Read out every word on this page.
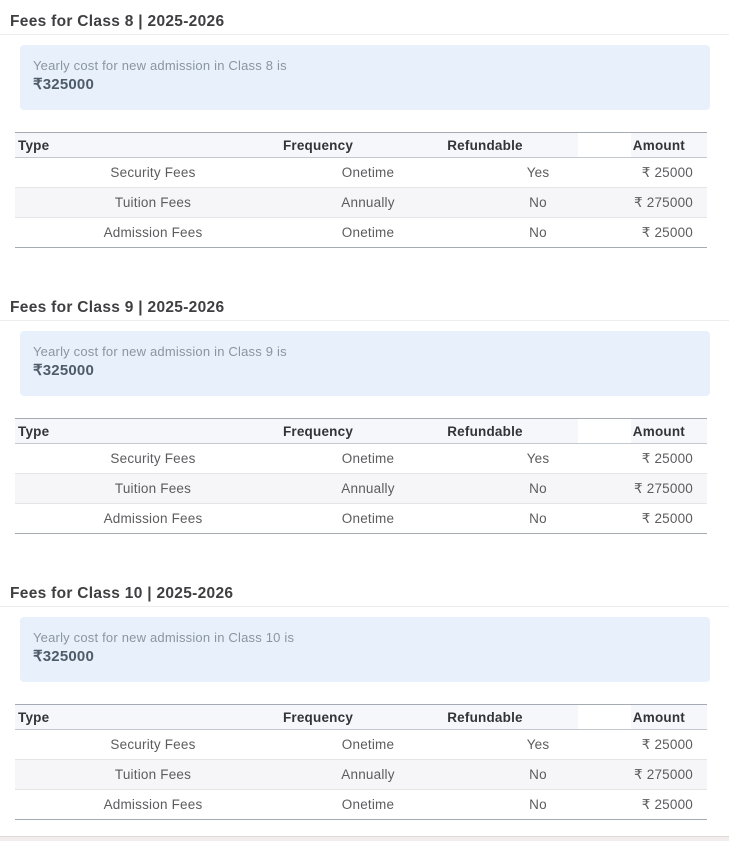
Fees for Class 8 | 2025-2026
Yearly cost for new admission in Class 8 is
₹325000
Type	Frequency	Refundable	Amount
Security Fees	Onetime	Yes	₹ 25000
Tuition Fees	Annually	No	₹ 275000
Admission Fees	Onetime	No	₹ 25000
Fees for Class 9 | 2025-2026
Yearly cost for new admission in Class 9 is
₹325000
Type	Frequency	Refundable	Amount
Security Fees	Onetime	Yes	₹ 25000
Tuition Fees	Annually	No	₹ 275000
Admission Fees	Onetime	No	₹ 25000
Fees for Class 10 | 2025-2026
Yearly cost for new admission in Class 10 is
₹325000
Type	Frequency	Refundable	Amount
Security Fees	Onetime	Yes	₹ 25000
Tuition Fees	Annually	No	₹ 275000
Admission Fees	Onetime	No	₹ 25000
